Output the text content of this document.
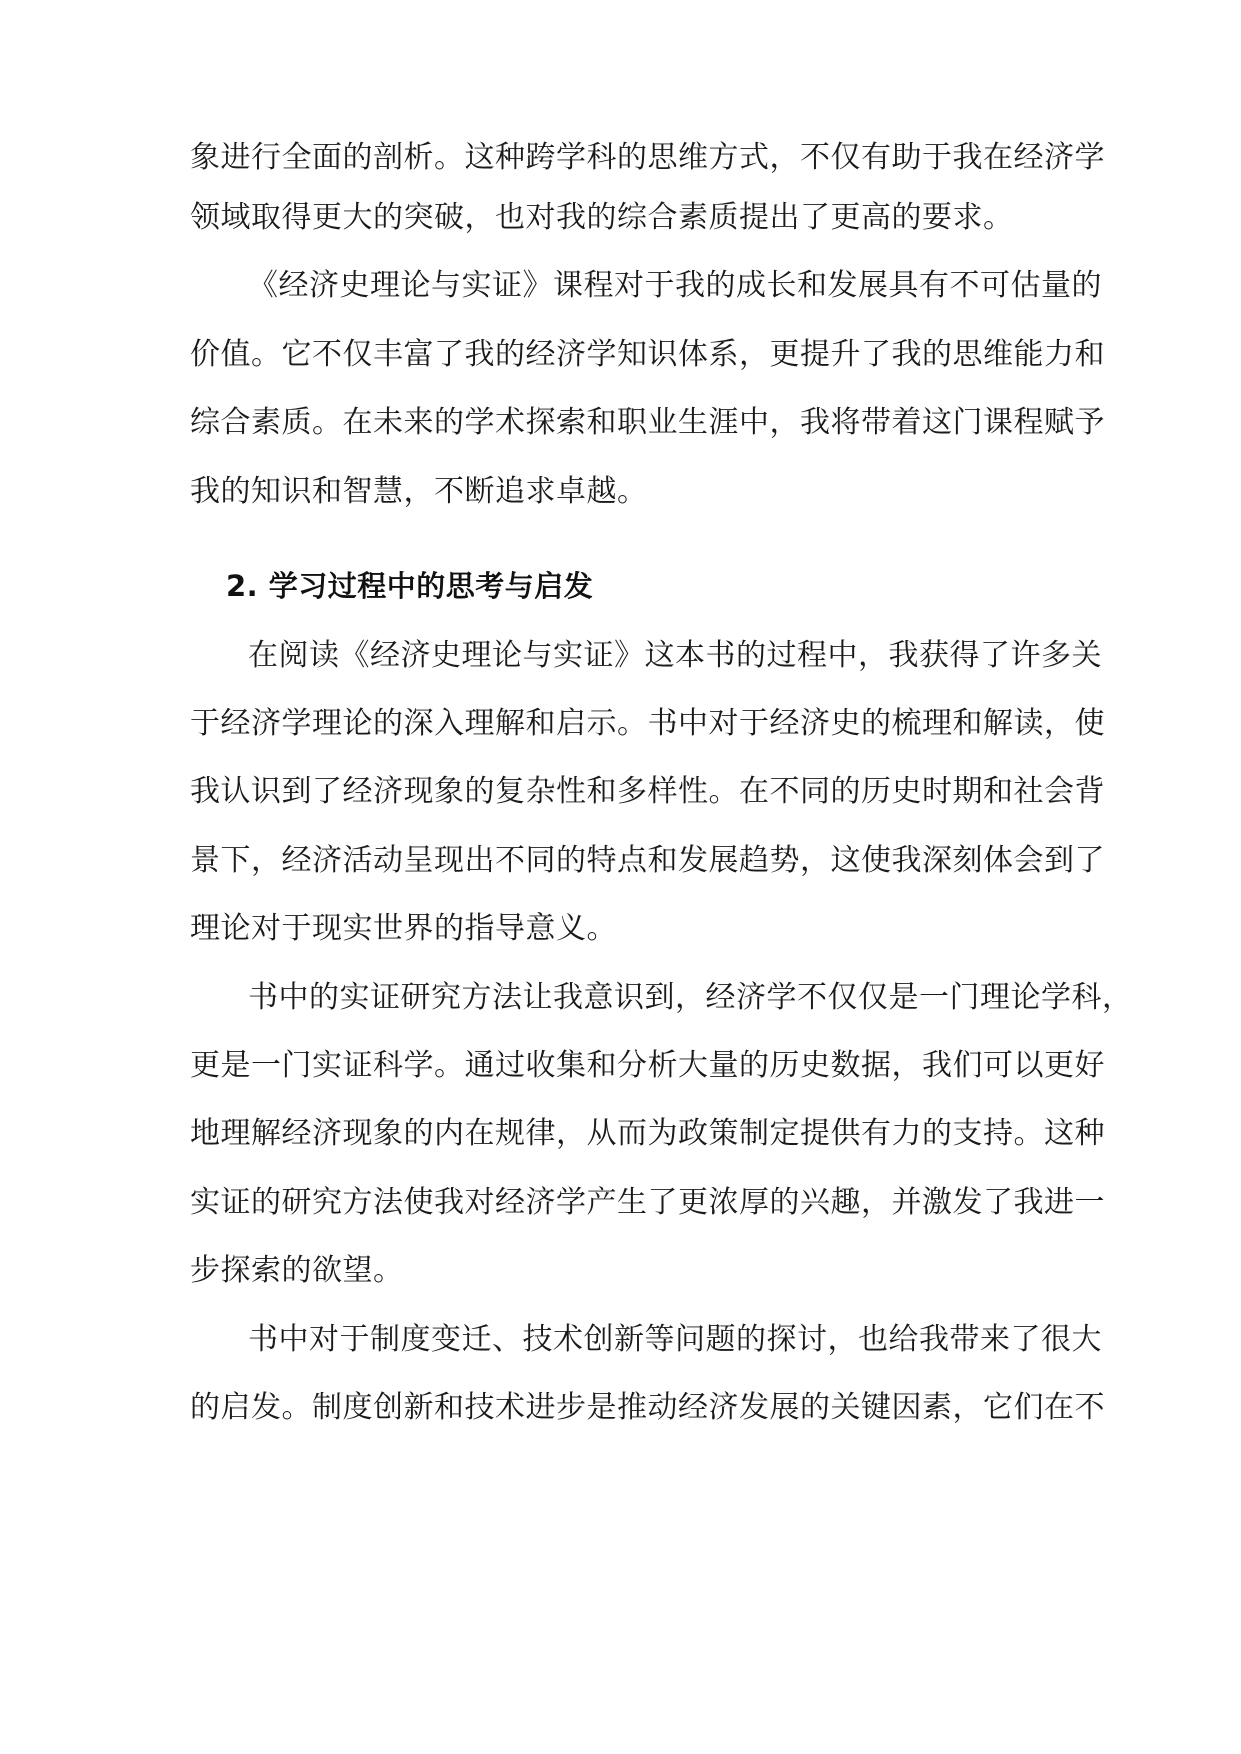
象进行全面的剖析。这种跨学科的思维方式，不仅有助于我在经济学
领域取得更大的突破，也对我的综合素质提出了更高的要求。
《经济史理论与实证》课程对于我的成长和发展具有不可估量的
价值。它不仅丰富了我的经济学知识体系，更提升了我的思维能力和
综合素质。在未来的学术探索和职业生涯中，我将带着这门课程赋予
我的知识和智慧，不断追求卓越。
2. 学习过程中的思考与启发
在阅读《经济史理论与实证》这本书的过程中，我获得了许多关
于经济学理论的深入理解和启示。书中对于经济史的梳理和解读，使
我认识到了经济现象的复杂性和多样性。在不同的历史时期和社会背
景下，经济活动呈现出不同的特点和发展趋势，这使我深刻体会到了
理论对于现实世界的指导意义。
书中的实证研究方法让我意识到，经济学不仅仅是一门理论学科，
更是一门实证科学。通过收集和分析大量的历史数据，我们可以更好
地理解经济现象的内在规律，从而为政策制定提供有力的支持。这种
实证的研究方法使我对经济学产生了更浓厚的兴趣，并激发了我进一
步探索的欲望。
书中对于制度变迁、技术创新等问题的探讨，也给我带来了很大
的启发。制度创新和技术进步是推动经济发展的关键因素，它们在不
